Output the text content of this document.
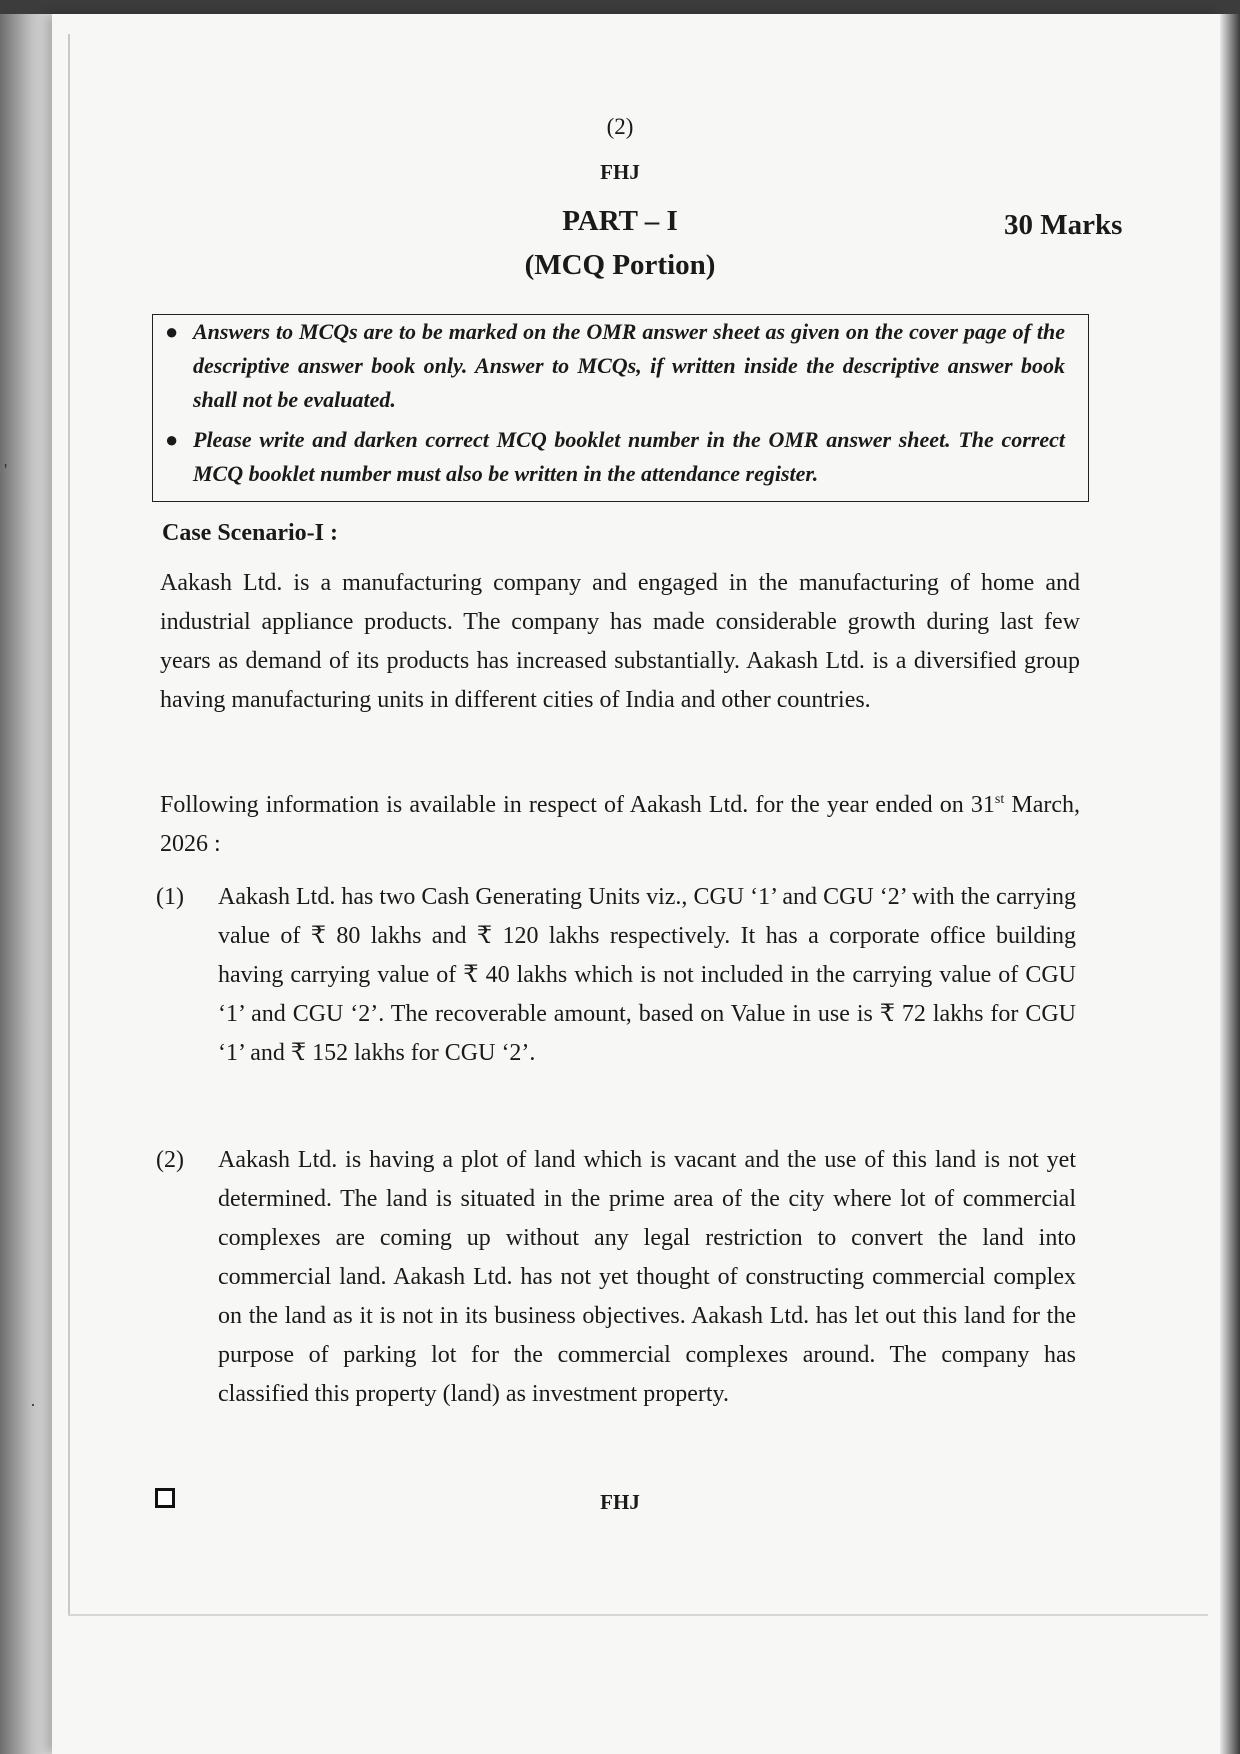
(2)
FHJ
PART – I	30 Marks
(MCQ Portion)
● Answers to MCQs are to be marked on the OMR answer sheet as given on the cover page of the descriptive answer book only. Answer to MCQs, if written inside the descriptive answer book shall not be evaluated.
● Please write and darken correct MCQ booklet number in the OMR answer sheet. The correct MCQ booklet number must also be written in the attendance register.
Case Scenario-I :
Aakash Ltd. is a manufacturing company and engaged in the manufacturing of home and industrial appliance products. The company has made considerable growth during last few years as demand of its products has increased substantially. Aakash Ltd. is a diversified group having manufacturing units in different cities of India and other countries.
Following information is available in respect of Aakash Ltd. for the year ended on 31st March, 2026 :
(1) Aakash Ltd. has two Cash Generating Units viz., CGU ‘1’ and CGU ‘2’ with the carrying value of ₹ 80 lakhs and ₹ 120 lakhs respectively. It has a corporate office building having carrying value of ₹ 40 lakhs which is not included in the carrying value of CGU ‘1’ and CGU ‘2’. The recoverable amount, based on Value in use is ₹ 72 lakhs for CGU ‘1’ and ₹ 152 lakhs for CGU ‘2’.
(2) Aakash Ltd. is having a plot of land which is vacant and the use of this land is not yet determined. The land is situated in the prime area of the city where lot of commercial complexes are coming up without any legal restriction to convert the land into commercial land. Aakash Ltd. has not yet thought of constructing commercial complex on the land as it is not in its business objectives. Aakash Ltd. has let out this land for the purpose of parking lot for the commercial complexes around. The company has classified this property (land) as investment property.
FHJ
'
·
